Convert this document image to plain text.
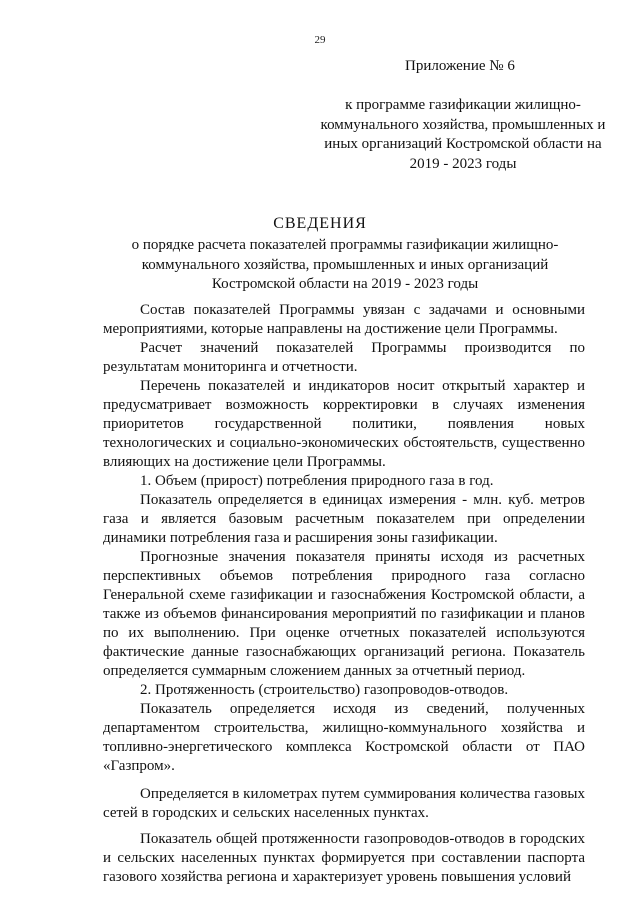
29
Приложение № 6
к программе газификации жилищно-коммунального хозяйства, промышленных и иных организаций Костромской области на 2019 - 2023 годы
СВЕДЕНИЯ
о порядке расчета показателей программы газификации жилищно-коммунального хозяйства, промышленных и иных организаций Костромской области на 2019 - 2023 годы

Состав показателей Программы увязан с задачами и основными мероприятиями, которые направлены на достижение цели Программы.

Расчет значений показателей Программы производится по результатам мониторинга и отчетности.

Перечень показателей и индикаторов носит открытый характер и предусматривает возможность корректировки в случаях изменения приоритетов государственной политики, появления новых технологических и социально-экономических обстоятельств, существенно влияющих на достижение цели Программы.

1. Объем (прирост) потребления природного газа в год.

Показатель определяется в единицах измерения - млн. куб. метров газа и является базовым расчетным показателем при определении динамики потребления газа и расширения зоны газификации.

Прогнозные значения показателя приняты исходя из расчетных перспективных объемов потребления природного газа согласно Генеральной схеме газификации и газоснабжения Костромской области, а также из объемов финансирования мероприятий по газификации и планов по их выполнению. При оценке отчетных показателей используются фактические данные газоснабжающих организаций региона. Показатель определяется суммарным сложением данных за отчетный период.

2. Протяженность (строительство) газопроводов-отводов.

Показатель определяется исходя из сведений, полученных департаментом строительства, жилищно-коммунального хозяйства и топливно-энергетического комплекса Костромской области от ПАО «Газпром».

Определяется в километрах путем суммирования количества газовых сетей в городских и сельских населенных пунктах.

Показатель общей протяженности газопроводов-отводов в городских и сельских населенных пунктах формируется при составлении паспорта газового хозяйства региона и характеризует уровень повышения условий
